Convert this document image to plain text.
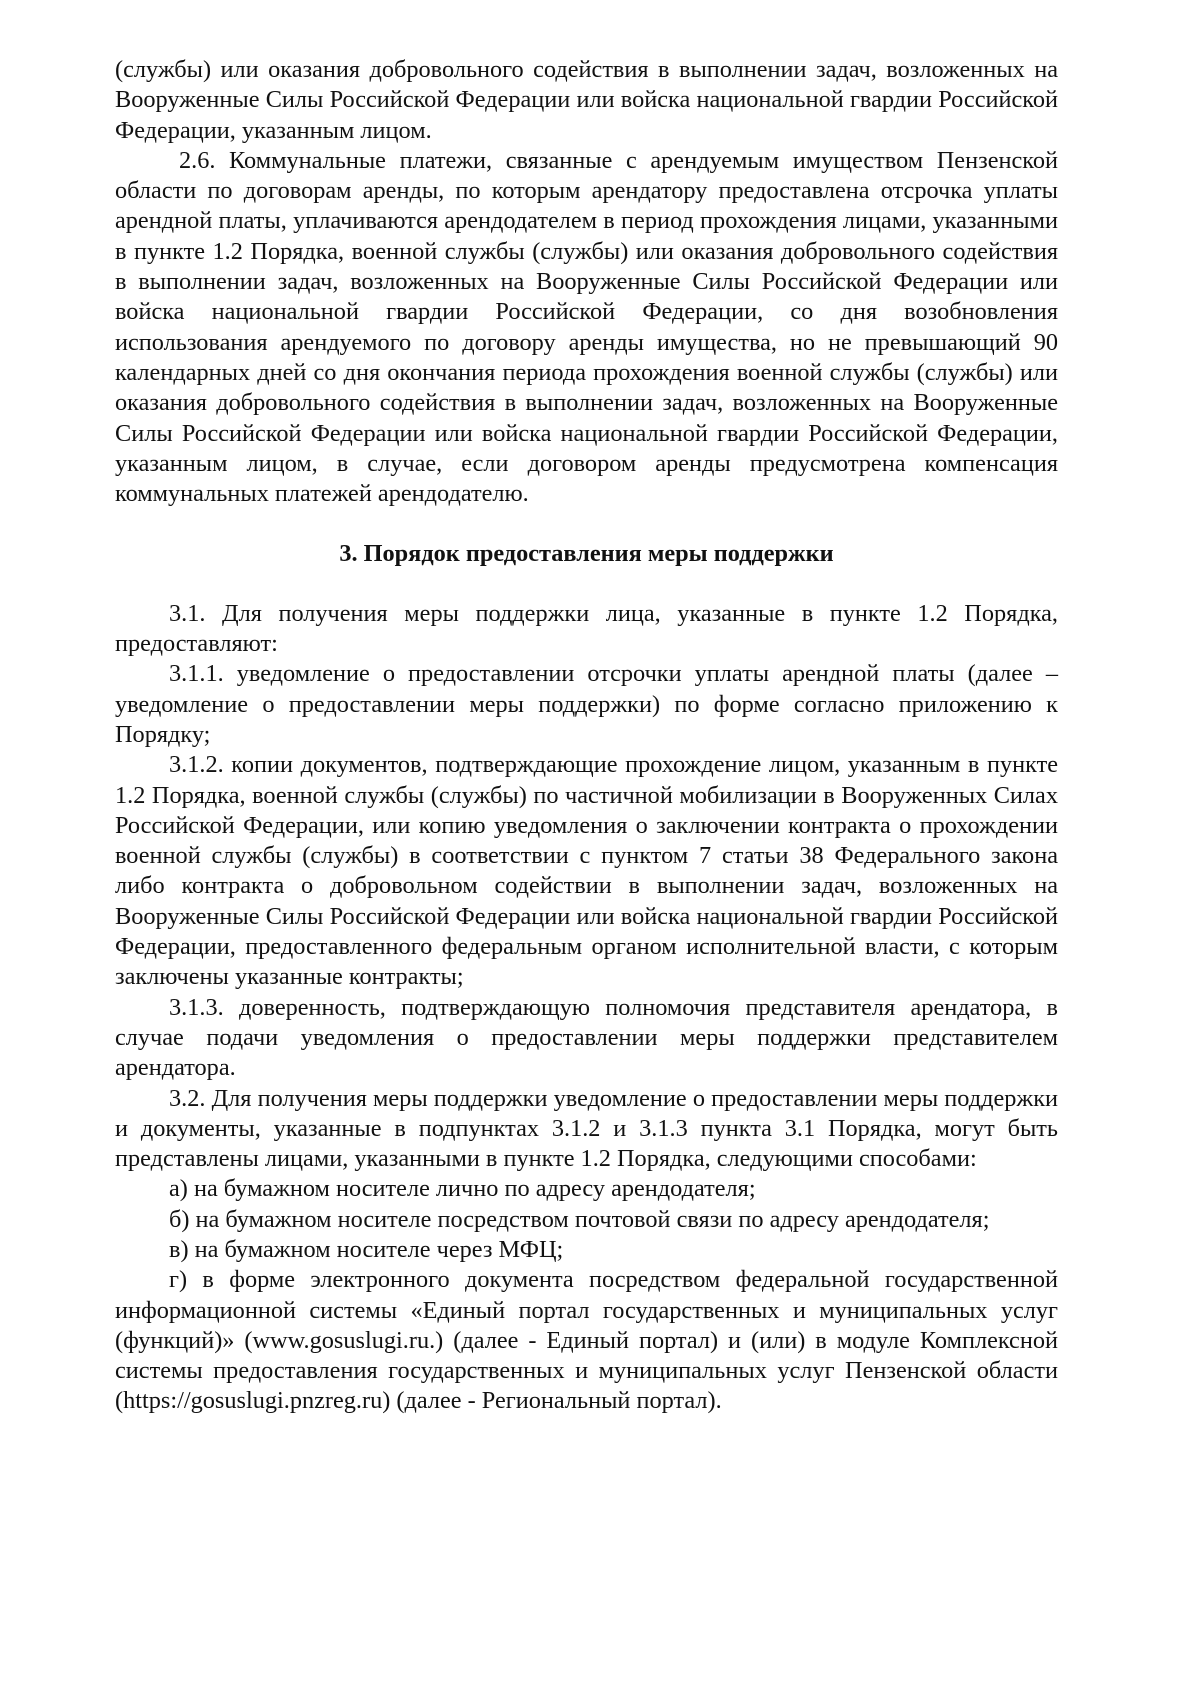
(службы) или оказания добровольного содействия в выполнении задач, возложенных на Вооруженные Силы Российской Федерации или войска национальной гвардии Российской Федерации, указанным лицом.

2.6. Коммунальные платежи, связанные с арендуемым имуществом Пензенской области по договорам аренды, по которым арендатору предоставлена отсрочка уплаты арендной платы, уплачиваются арендодателем в период прохождения лицами, указанными в пункте 1.2 Порядка, военной службы (службы) или оказания добровольного содействия в выполнении задач, возложенных на Вооруженные Силы Российской Федерации или войска национальной гвардии Российской Федерации, со дня возобновления использования арендуемого по договору аренды имущества, но не превышающий 90 календарных дней со дня окончания периода прохождения военной службы (службы) или оказания добровольного содействия в выполнении задач, возложенных на Вооруженные Силы Российской Федерации или войска национальной гвардии Российской Федерации, указанным лицом, в случае, если договором аренды предусмотрена компенсация коммунальных платежей арендодателю.

3. Порядок предоставления меры поддержки

3.1. Для получения меры поддержки лица, указанные в пункте 1.2 Порядка, предоставляют:

3.1.1. уведомление о предоставлении отсрочки уплаты арендной платы (далее – уведомление о предоставлении меры поддержки) по форме согласно приложению к Порядку;

3.1.2. копии документов, подтверждающие прохождение лицом, указанным в пункте 1.2 Порядка, военной службы (службы) по частичной мобилизации в Вооруженных Силах Российской Федерации, или копию уведомления о заключении контракта о прохождении военной службы (службы) в соответствии с пунктом 7 статьи 38 Федерального закона либо контракта о добровольном содействии в выполнении задач, возложенных на Вооруженные Силы Российской Федерации или войска национальной гвардии Российской Федерации, предоставленного федеральным органом исполнительной власти, с которым заключены указанные контракты;

3.1.3. доверенность, подтверждающую полномочия представителя арендатора, в случае подачи уведомления о предоставлении меры поддержки представителем арендатора.

3.2. Для получения меры поддержки уведомление о предоставлении меры поддержки и документы, указанные в подпунктах 3.1.2 и 3.1.3 пункта 3.1 Порядка, могут быть представлены лицами, указанными в пункте 1.2 Порядка, следующими способами:

а) на бумажном носителе лично по адресу арендодателя;

б) на бумажном носителе посредством почтовой связи по адресу арендодателя;

в) на бумажном носителе через МФЦ;

г) в форме электронного документа посредством федеральной государственной информационной системы «Единый портал государственных и муниципальных услуг (функций)» (www.gosuslugi.ru.) (далее - Единый портал) и (или) в модуле Комплексной системы предоставления государственных и муниципальных услуг Пензенской области (https://gosuslugi.pnzreg.ru) (далее - Региональный портал).
